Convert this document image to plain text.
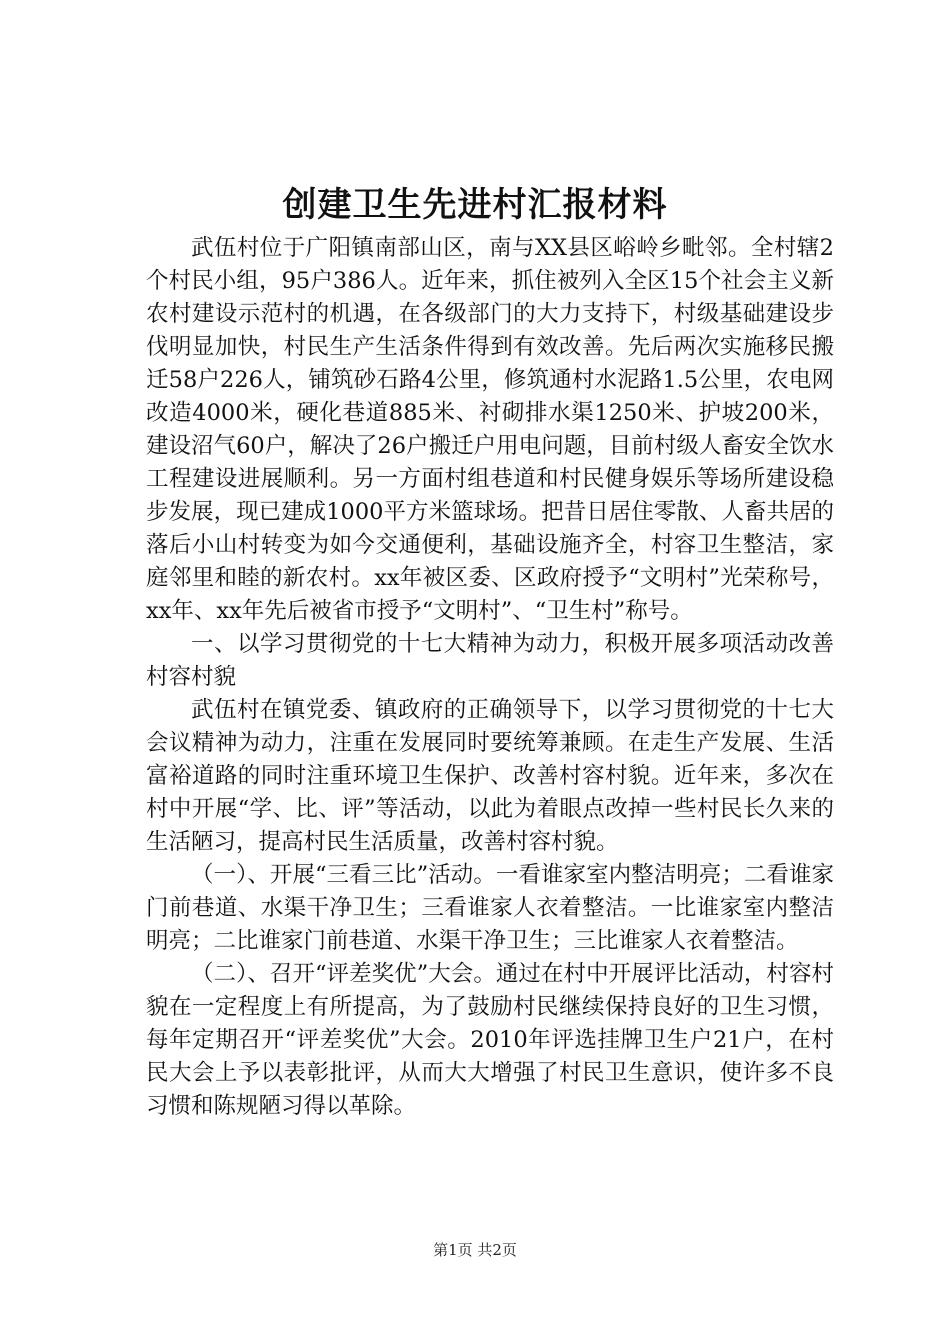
创建卫生先进村汇报材料

武伍村位于广阳镇南部山区，南与XX县区峪岭乡毗邻。全村辖2个村民小组，95户386人。近年来，抓住被列入全区15个社会主义新农村建设示范村的机遇，在各级部门的大力支持下，村级基础建设步伐明显加快，村民生产生活条件得到有效改善。先后两次实施移民搬迁58户226人，铺筑砂石路4公里，修筑通村水泥路1.5公里，农电网改造4000米，硬化巷道885米、衬砌排水渠1250米、护坡200米，建设沼气60户，解决了26户搬迁户用电问题，目前村级人畜安全饮水工程建设进展顺利。另一方面村组巷道和村民健身娱乐等场所建设稳步发展，现已建成1000平方米篮球场。把昔日居住零散、人畜共居的落后小山村转变为如今交通便利，基础设施齐全，村容卫生整洁，家庭邻里和睦的新农村。xx年被区委、区政府授予“文明村”光荣称号，xx年、xx年先后被省市授予“文明村”、“卫生村”称号。

一、以学习贯彻党的十七大精神为动力，积极开展多项活动改善村容村貌

武伍村在镇党委、镇政府的正确领导下，以学习贯彻党的十七大会议精神为动力，注重在发展同时要统筹兼顾。在走生产发展、生活富裕道路的同时注重环境卫生保护、改善村容村貌。近年来，多次在村中开展“学、比、评”等活动，以此为着眼点改掉一些村民长久来的生活陋习，提高村民生活质量，改善村容村貌。

（一）、开展“三看三比”活动。一看谁家室内整洁明亮；二看谁家门前巷道、水渠干净卫生；三看谁家人衣着整洁。一比谁家室内整洁明亮；二比谁家门前巷道、水渠干净卫生；三比谁家人衣着整洁。

（二）、召开“评差奖优”大会。通过在村中开展评比活动，村容村貌在一定程度上有所提高，为了鼓励村民继续保持良好的卫生习惯，每年定期召开“评差奖优”大会。2010年评选挂牌卫生户21户，在村民大会上予以表彰批评，从而大大增强了村民卫生意识，使许多不良习惯和陈规陋习得以革除。

第1页 共2页
